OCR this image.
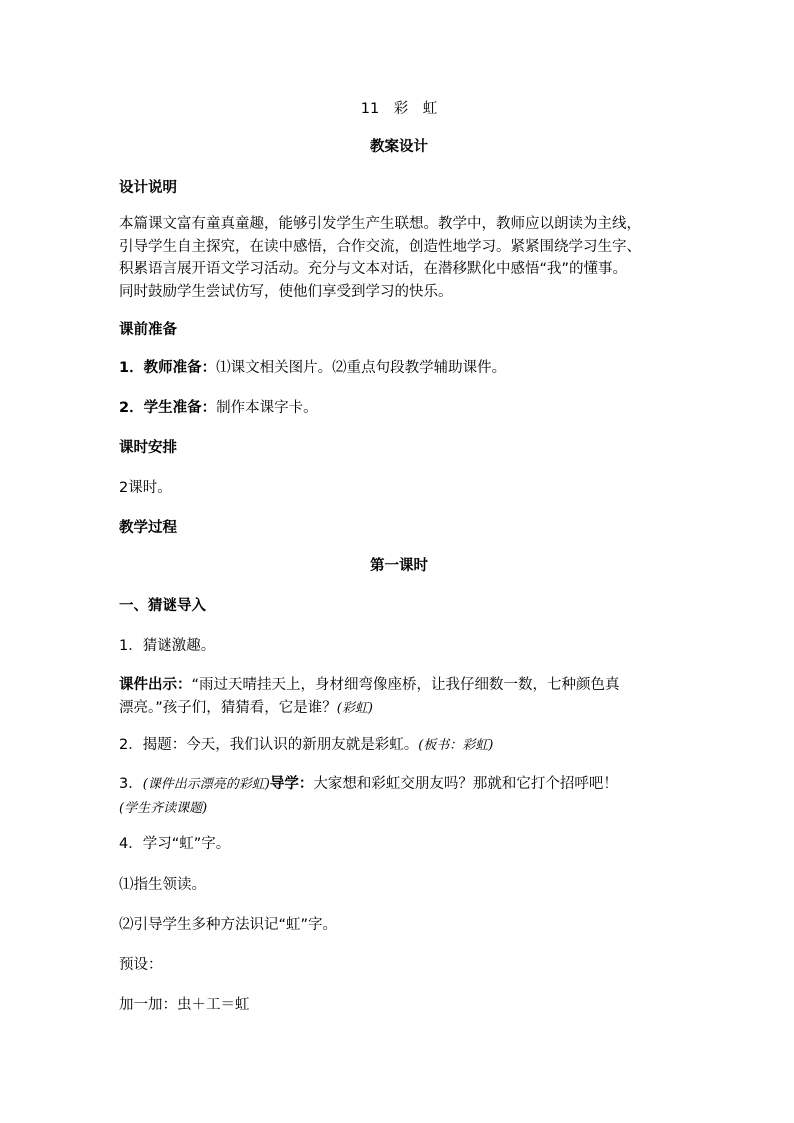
11　彩　虹
教案设计
设计说明
本篇课文富有童真童趣，能够引发学生产生联想。教学中，教师应以朗读为主线，
引导学生自主探究，在读中感悟，合作交流，创造性地学习。紧紧围绕学习生字、
积累语言展开语文学习活动。充分与文本对话，在潜移默化中感悟“我”的懂事。
同时鼓励学生尝试仿写，使他们享受到学习的快乐。
课前准备
1．教师准备：⑴课文相关图片。⑵重点句段教学辅助课件。
2．学生准备：制作本课字卡。
课时安排
2课时。
教学过程
第一课时
一、猜谜导入
1．猜谜激趣。
课件出示：“雨过天晴挂天上，身材细弯像座桥，让我仔细数一数，七种颜色真
漂亮。”孩子们，猜猜看，它是谁？(彩虹)
2．揭题：今天，我们认识的新朋友就是彩虹。(板书：彩虹)
3．(课件出示漂亮的彩虹)导学：大家想和彩虹交朋友吗？那就和它打个招呼吧！
(学生齐读课题)
4．学习“虹”字。
⑴指生领读。
⑵引导学生多种方法识记“虹”字。
预设：
加一加：虫＋工＝虹
